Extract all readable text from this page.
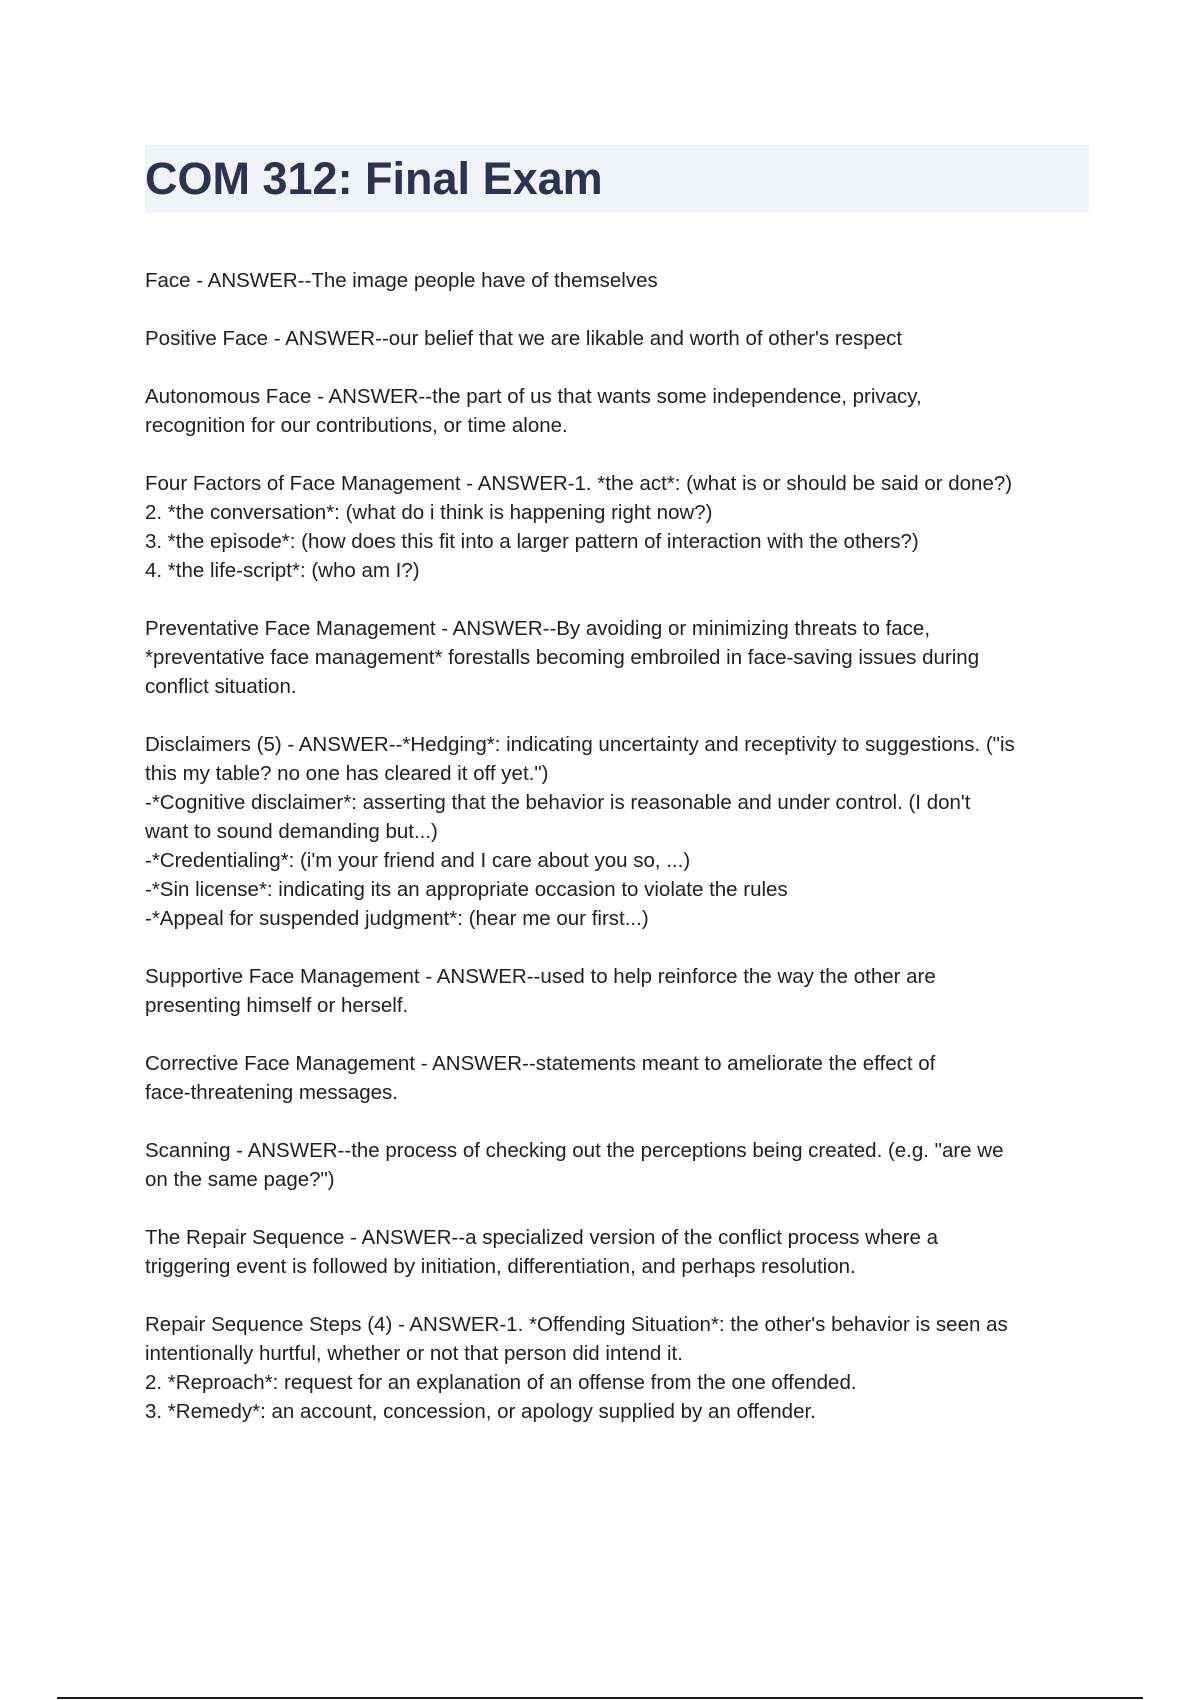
COM 312: Final Exam
Face - ANSWER--The image people have of themselves
Positive Face - ANSWER--our belief that we are likable and worth of other's respect
Autonomous Face - ANSWER--the part of us that wants some independence, privacy,
recognition for our contributions, or time alone.
Four Factors of Face Management - ANSWER-1. *the act*: (what is or should be said or done?)
2. *the conversation*: (what do i think is happening right now?)
3. *the episode*: (how does this fit into a larger pattern of interaction with the others?)
4. *the life-script*: (who am I?)
Preventative Face Management - ANSWER--By avoiding or minimizing threats to face,
*preventative face management* forestalls becoming embroiled in face-saving issues during
conflict situation.
Disclaimers (5) - ANSWER--*Hedging*: indicating uncertainty and receptivity to suggestions. ("is
this my table? no one has cleared it off yet.")
-*Cognitive disclaimer*: asserting that the behavior is reasonable and under control. (I don't
want to sound demanding but...)
-*Credentialing*: (i'm your friend and I care about you so, ...)
-*Sin license*: indicating its an appropriate occasion to violate the rules
-*Appeal for suspended judgment*: (hear me our first...)
Supportive Face Management - ANSWER--used to help reinforce the way the other are
presenting himself or herself.
Corrective Face Management - ANSWER--statements meant to ameliorate the effect of
face-threatening messages.
Scanning - ANSWER--the process of checking out the perceptions being created. (e.g. "are we
on the same page?")
The Repair Sequence - ANSWER--a specialized version of the conflict process where a
triggering event is followed by initiation, differentiation, and perhaps resolution.
Repair Sequence Steps (4) - ANSWER-1. *Offending Situation*: the other's behavior is seen as
intentionally hurtful, whether or not that person did intend it.
2. *Reproach*: request for an explanation of an offense from the one offended.
3. *Remedy*: an account, concession, or apology supplied by an offender.
